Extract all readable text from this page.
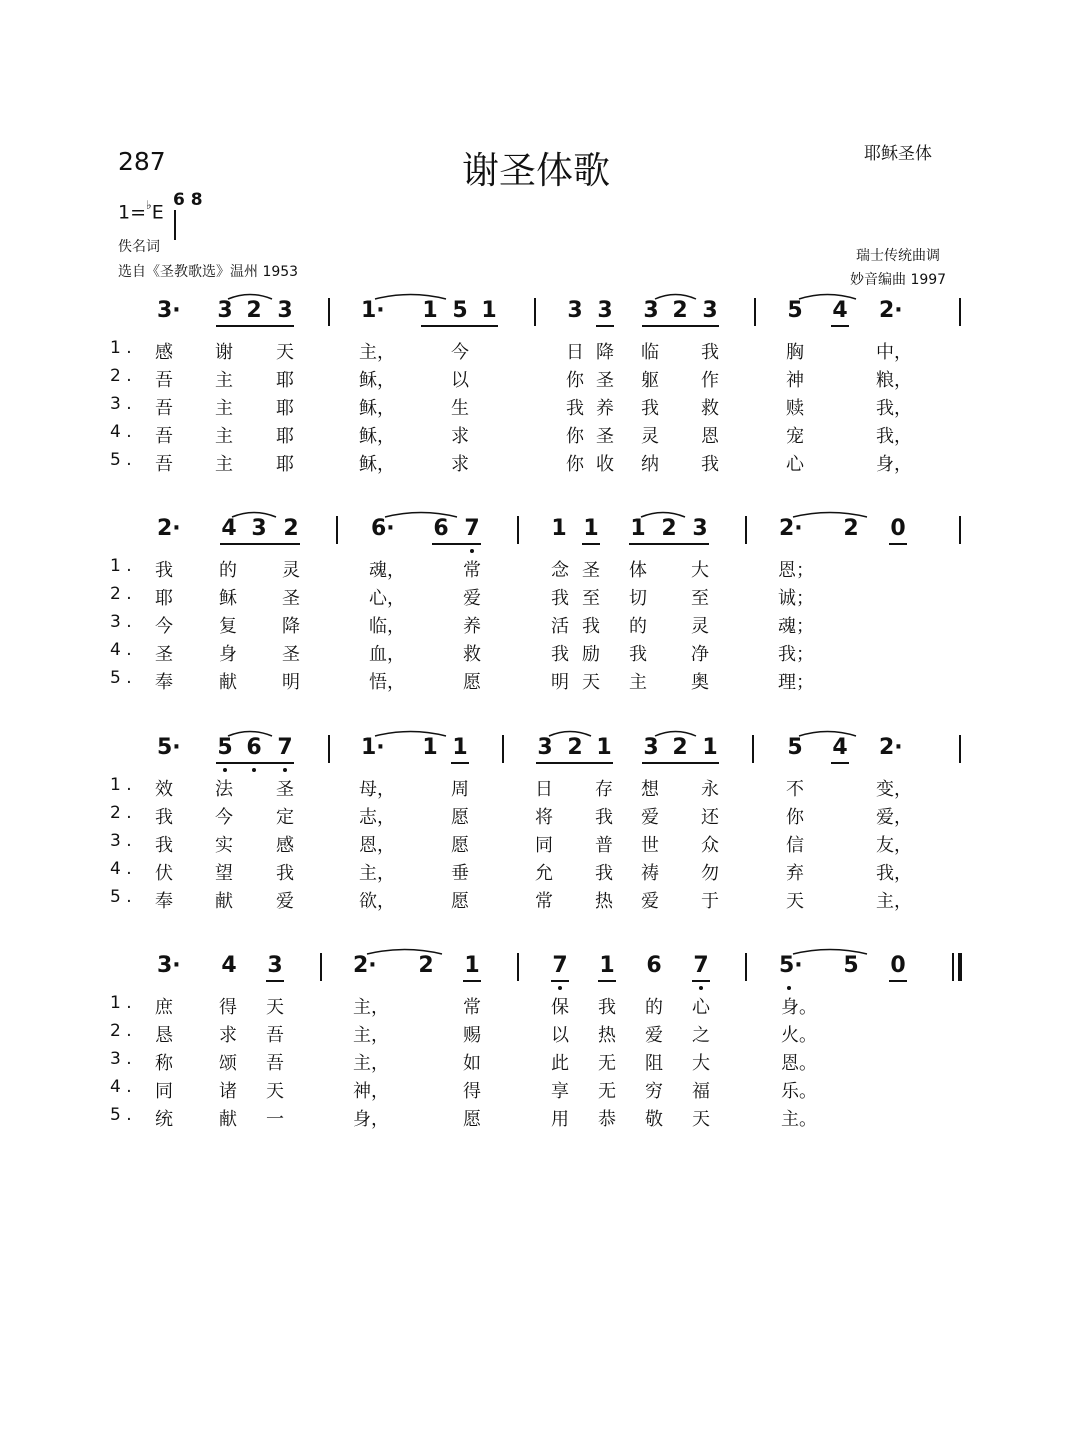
287	谢圣体歌	耶稣圣体
1=♭E
6 8
佚名词
选自《圣教歌选》温州 1953
瑞士传统曲调
妙音编曲 1997
3· 3 2 3	1· 1 5 1	3 3 3 2 3	5 4 2·
1 . 感 谢 天	主，	今	日 降 临 我	胸	中，
2 . 吾 主 耶	稣，	以	你 圣 躯 作	神	粮，
3 . 吾 主 耶	稣，	生	我 养 我 救	赎	我，
4 . 吾 主 耶	稣，	求	你 圣 灵 恩	宠	我，
5 . 吾 主 耶	稣，	求	你 收 纳 我	心	身，
2· 4 3 2	6· 6 7	1 1 1 2 3	2· 2 0
1 . 我	的	灵	魂，	常	念 圣 体 大	恩；
2 . 耶	稣	圣	心，	爱	我 至 切 至	诚；
3 . 今	复	降	临，	养	活 我 的 灵	魂；
4 . 圣	身	圣	血，	救	我 励 我 净	我；
5 . 奉	献	明	悟，	愿	明 天 主 奥	理；
5· 5 6 7	1· 1 1	3 2 1 3 2 1	5 4 2·
1 . 效 法 圣	母，	周	日 存 想 永	不	变，
2 . 我 今 定	志，	愿	将 我 爱 还	你	爱，
3 . 我 实 感	恩，	愿	同 普 世 众	信	友，
4 . 伏 望 我	主，	垂	允 我 祷 勿	弃	我，
5 . 奉 献 爱	欲，	愿	常 热 爱 于	天	主，
3· 4 3	2· 2 1	7 1 6 7	5· 5 0
1 . 庶	得 天	主，	常	保 我 的 心	身。
2 . 恳	求 吾	主，	赐	以 热 爱 之	火。
3 . 称	颂 吾	主，	如	此 无 阻 大	恩。
4 . 同	诸 天	神，	得	享 无 穷 福	乐。
5 . 统	献 一	身，	愿	用 恭 敬 天	主。
